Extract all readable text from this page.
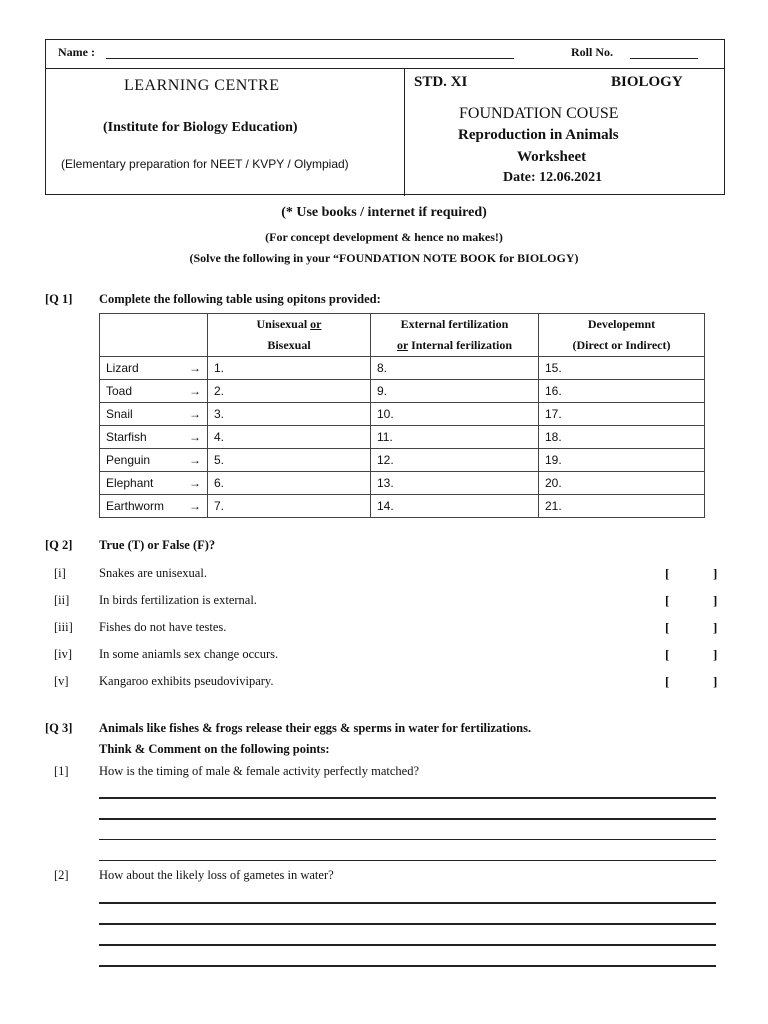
Name :	Roll No.
LEARNING CENTRE
(Institute for Biology Education)
(Elementary preparation for NEET / KVPY / Olympiad)
STD. XI	BIOLOGY
FOUNDATION COUSE
Reproduction in Animals
Worksheet
Date: 12.06.2021
(* Use books / internet if required)
(For concept development & hence no makes!)
(Solve the following in your “FOUNDATION NOTE BOOK for BIOLOGY)
[Q 1] Complete the following table using opitons provided:
	Unisexual or	External fertilization	Developemnt
	Bisexual	or Internal ferilization	(Direct or Indirect)
Lizard →	1.	8.	15.
Toad →	2.	9.	16.
Snail →	3.	10.	17.
Starfish →	4.	11.	18.
Penguin →	5.	12.	19.
Elephant →	6.	13.	20.
Earthworm →	7.	14.	21.
[Q 2] True (T) or False (F)?
[i]	Snakes are unisexual.	[	]
[ii] In birds fertilization is external.	[	]
[iii] Fishes do not have testes.	[	]
[iv] In some aniamls sex change occurs.	[	]
[v] Kangaroo exhibits pseudovivipary.	[	]
[Q 3] Animals like fishes & frogs release their eggs & sperms in water for fertilizations.
Think & Comment on the following points:
[1] How is the timing of male & female activity perfectly matched?
[2] How about the likely loss of gametes in water?
